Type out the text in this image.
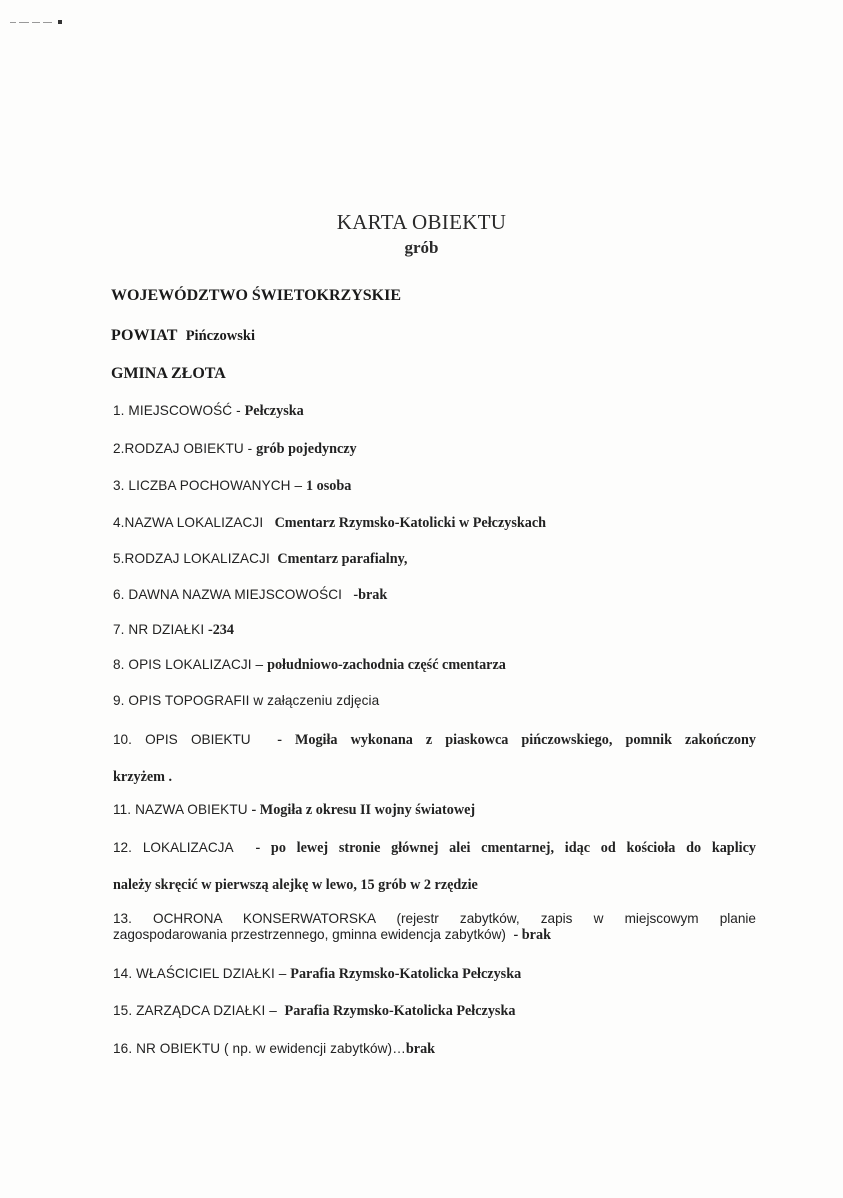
KARTA OBIEKTU
grób
WOJEWÓDZTWO ŚWIETOKRZYSKIE
POWIAT Pińczowski
GMINA ZŁOTA
1. MIEJSCOWOŚĆ - Pełczyska
2.RODZAJ OBIEKTU - grób pojedynczy
3. LICZBA POCHOWANYCH – 1 osoba
4.NAZWA LOKALIZACJI Cmentarz Rzymsko-Katolicki w Pełczyskach
5.RODZAJ LOKALIZACJI Cmentarz parafialny,
6. DAWNA NAZWA MIEJSCOWOŚCI -brak
7. NR DZIAŁKI -234
8. OPIS LOKALIZACJI – południowo-zachodnia część cmentarza
9. OPIS TOPOGRAFII w załączeniu zdjęcia
10. OPIS OBIEKTU - Mogiła wykonana z piaskowca pińczowskiego, pomnik zakończony
krzyżem .
11. NAZWA OBIEKTU - Mogiła z okresu II wojny światowej
12. LOKALIZACJA - po lewej stronie głównej alei cmentarnej, idąc od kościoła do kaplicy
należy skręcić w pierwszą alejkę w lewo, 15 grób w 2 rzędzie
13. OCHRONA KONSERWATORSKA (rejestr zabytków, zapis w miejscowym planie
zagospodarowania przestrzennego, gminna ewidencja zabytków) - brak
14. WŁAŚCICIEL DZIAŁKI – Parafia Rzymsko-Katolicka Pełczyska
15. ZARZĄDCA DZIAŁKI –  Parafia Rzymsko-Katolicka Pełczyska
16. NR OBIEKTU ( np. w ewidencji zabytków)…brak
